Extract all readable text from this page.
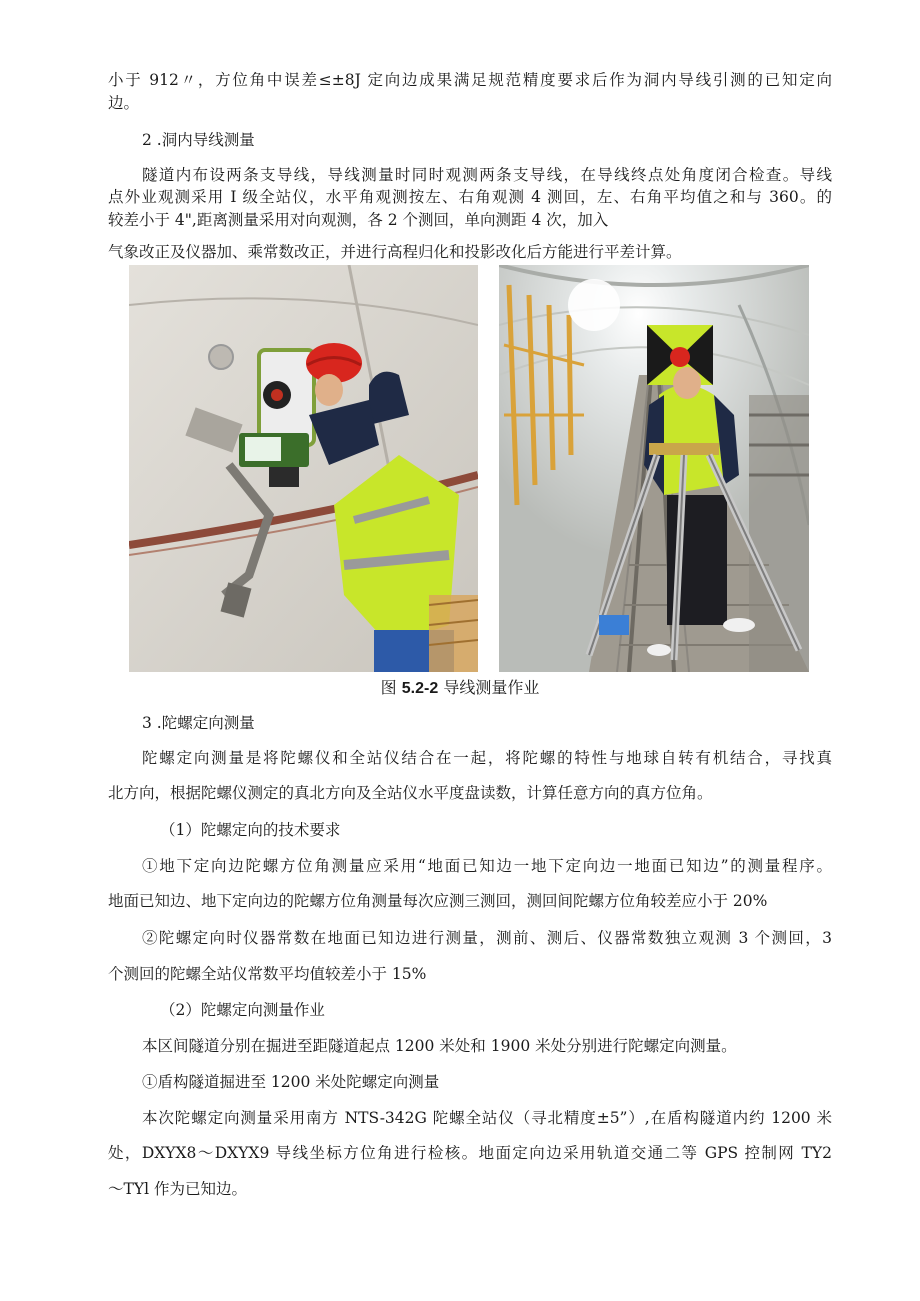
小于 912〃，方位角中误差≤±8J 定向边成果满足规范精度要求后作为洞内导线引测的已知定向
边。
2 .洞内导线测量
隧道内布设两条支导线，导线测量时同时观测两条支导线，在导线终点处角度闭合检查。导线
点外业观测采用 I 级全站仪，水平角观测按左、右角观测 4 测回，左、右角平均值之和与 360。的
较差小于 4",距离测量采用对向观测，各 2 个测回，单向测距 4 次，加入
气象改正及仪器加、乘常数改正，并进行高程归化和投影改化后方能进行平差计算。
图 5.2-2 导线测量作业
3 .陀螺定向测量
陀螺定向测量是将陀螺仪和全站仪结合在一起，将陀螺的特性与地球自转有机结合，寻找真
北方向，根据陀螺仪测定的真北方向及全站仪水平度盘读数，计算任意方向的真方位角。
（1）陀螺定向的技术要求
①地下定向边陀螺方位角测量应采用“地面已知边一地下定向边一地面已知边”的测量程序。
地面已知边、地下定向边的陀螺方位角测量每次应测三测回，测回间陀螺方位角较差应小于 20%
②陀螺定向时仪器常数在地面已知边进行测量，测前、测后、仪器常数独立观测 3 个测回，3
个测回的陀螺全站仪常数平均值较差小于 15%
（2）陀螺定向测量作业
本区间隧道分别在掘进至距隧道起点 1200 米处和 1900 米处分别进行陀螺定向测量。
①盾构隧道掘进至 1200 米处陀螺定向测量
本次陀螺定向测量采用南方 NTS-342G 陀螺全站仪（寻北精度±5”）,在盾构隧道内约 1200 米
处，DXYX8～DXYX9 导线坐标方位角进行检核。地面定向边采用轨道交通二等 GPS 控制网 TY2
～TYl 作为已知边。
